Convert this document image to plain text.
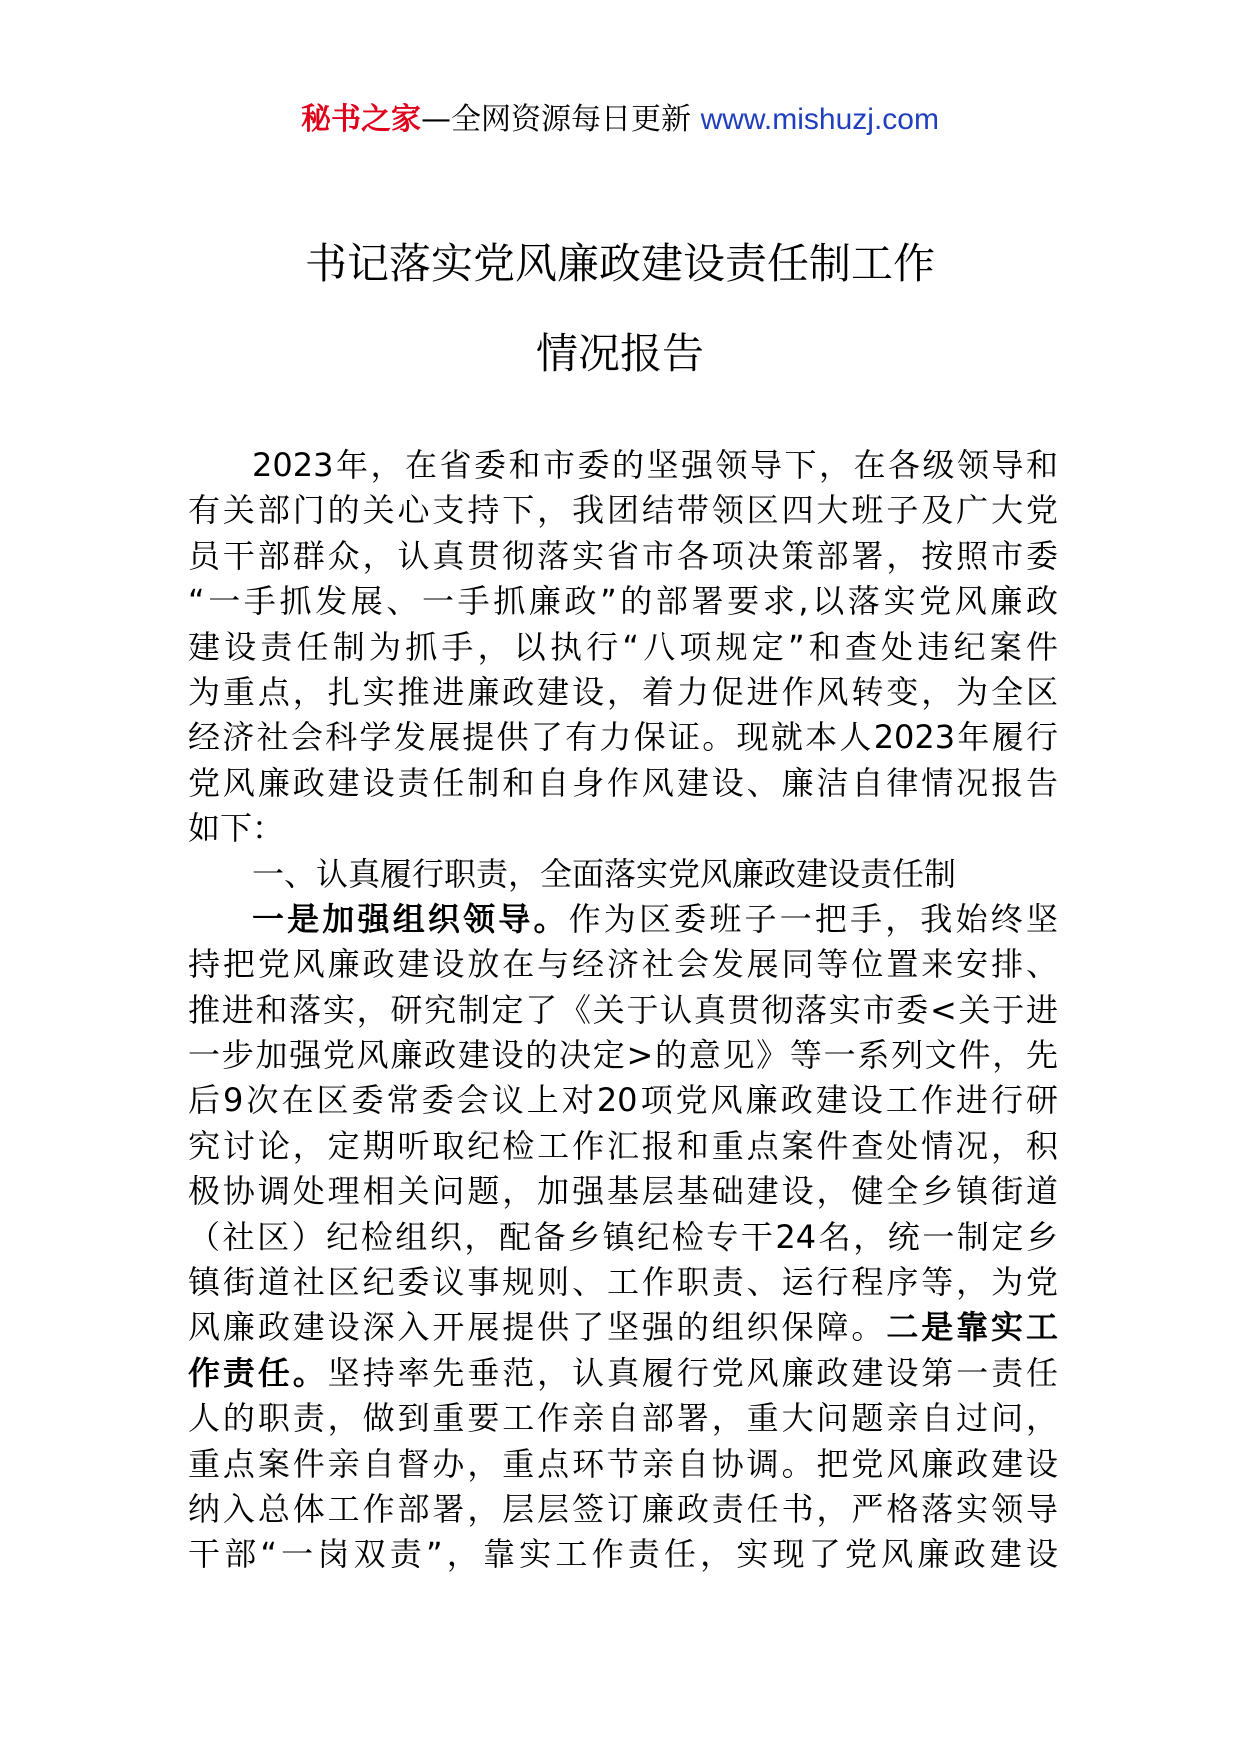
秘书之家—全网资源每日更新 www.mishuzj.com
书记落实党风廉政建设责任制工作
情况报告
2023年，在省委和市委的坚强领导下，在各级领导和
有关部门的关心支持下，我团结带领区四大班子及广大党
员干部群众，认真贯彻落实省市各项决策部署，按照市委
“一手抓发展、一手抓廉政”的部署要求,以落实党风廉政
建设责任制为抓手，以执行“八项规定”和查处违纪案件
为重点，扎实推进廉政建设，着力促进作风转变，为全区
经济社会科学发展提供了有力保证。现就本人2023年履行
党风廉政建设责任制和自身作风建设、廉洁自律情况报告
如下：
一、认真履行职责，全面落实党风廉政建设责任制
一是加强组织领导。作为区委班子一把手，我始终坚
持把党风廉政建设放在与经济社会发展同等位置来安排、
推进和落实，研究制定了《关于认真贯彻落实市委<关于进
一步加强党风廉政建设的决定>的意见》等一系列文件，先
后9次在区委常委会议上对20项党风廉政建设工作进行研
究讨论，定期听取纪检工作汇报和重点案件查处情况，积
极协调处理相关问题，加强基层基础建设，健全乡镇街道
（社区）纪检组织，配备乡镇纪检专干24名，统一制定乡
镇街道社区纪委议事规则、工作职责、运行程序等，为党
风廉政建设深入开展提供了坚强的组织保障。二是靠实工
作责任。坚持率先垂范，认真履行党风廉政建设第一责任
人的职责，做到重要工作亲自部署，重大问题亲自过问，
重点案件亲自督办，重点环节亲自协调。把党风廉政建设
纳入总体工作部署，层层签订廉政责任书，严格落实领导
干部“一岗双责”，靠实工作责任，实现了党风廉政建设
